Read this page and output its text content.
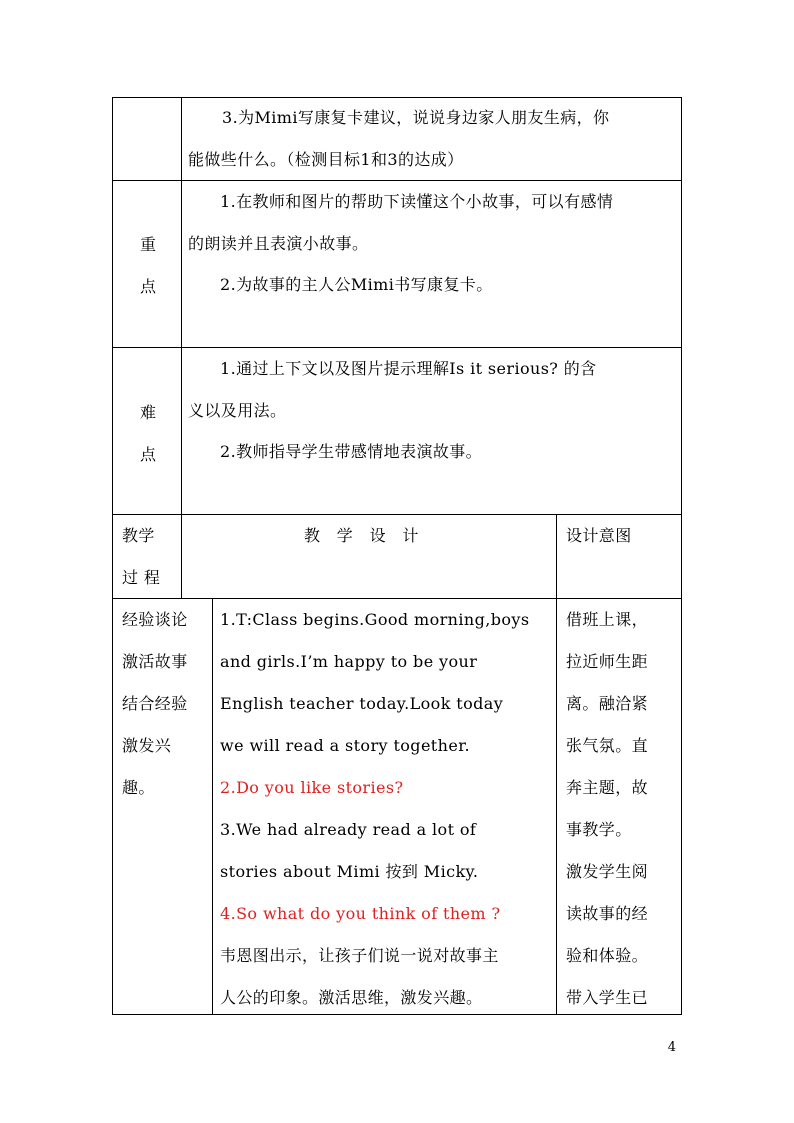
3.为Mimi写康复卡建议，说说身边家人朋友生病，你
能做些什么。（检测目标1和3的达成）
重
点
1.在教师和图片的帮助下读懂这个小故事，可以有感情
的朗读并且表演小故事。
2.为故事的主人公Mimi书写康复卡。
难
点
1.通过上下文以及图片提示理解Is it serious? 的含
义以及用法。
2.教师指导学生带感情地表演故事。
教学
过 程
教　学　设　计	设计意图
经验谈论
激活故事
结合经验
激发兴
趣。
1.T:Class begins.Good morning,boys
and girls.I’m happy to be your
English teacher today.Look today
we will read a story together.
2.Do you like stories?
3.We had already read a lot of
stories about Mimi 按到 Micky.
4.So what do you think of them ?
韦恩图出示，让孩子们说一说对故事主
人公的印象。激活思维，激发兴趣。
借班上课，
拉近师生距
离。融洽紧
张气氛。直
奔主题，故
事教学。
激发学生阅
读故事的经
验和体验。
带入学生已
4
